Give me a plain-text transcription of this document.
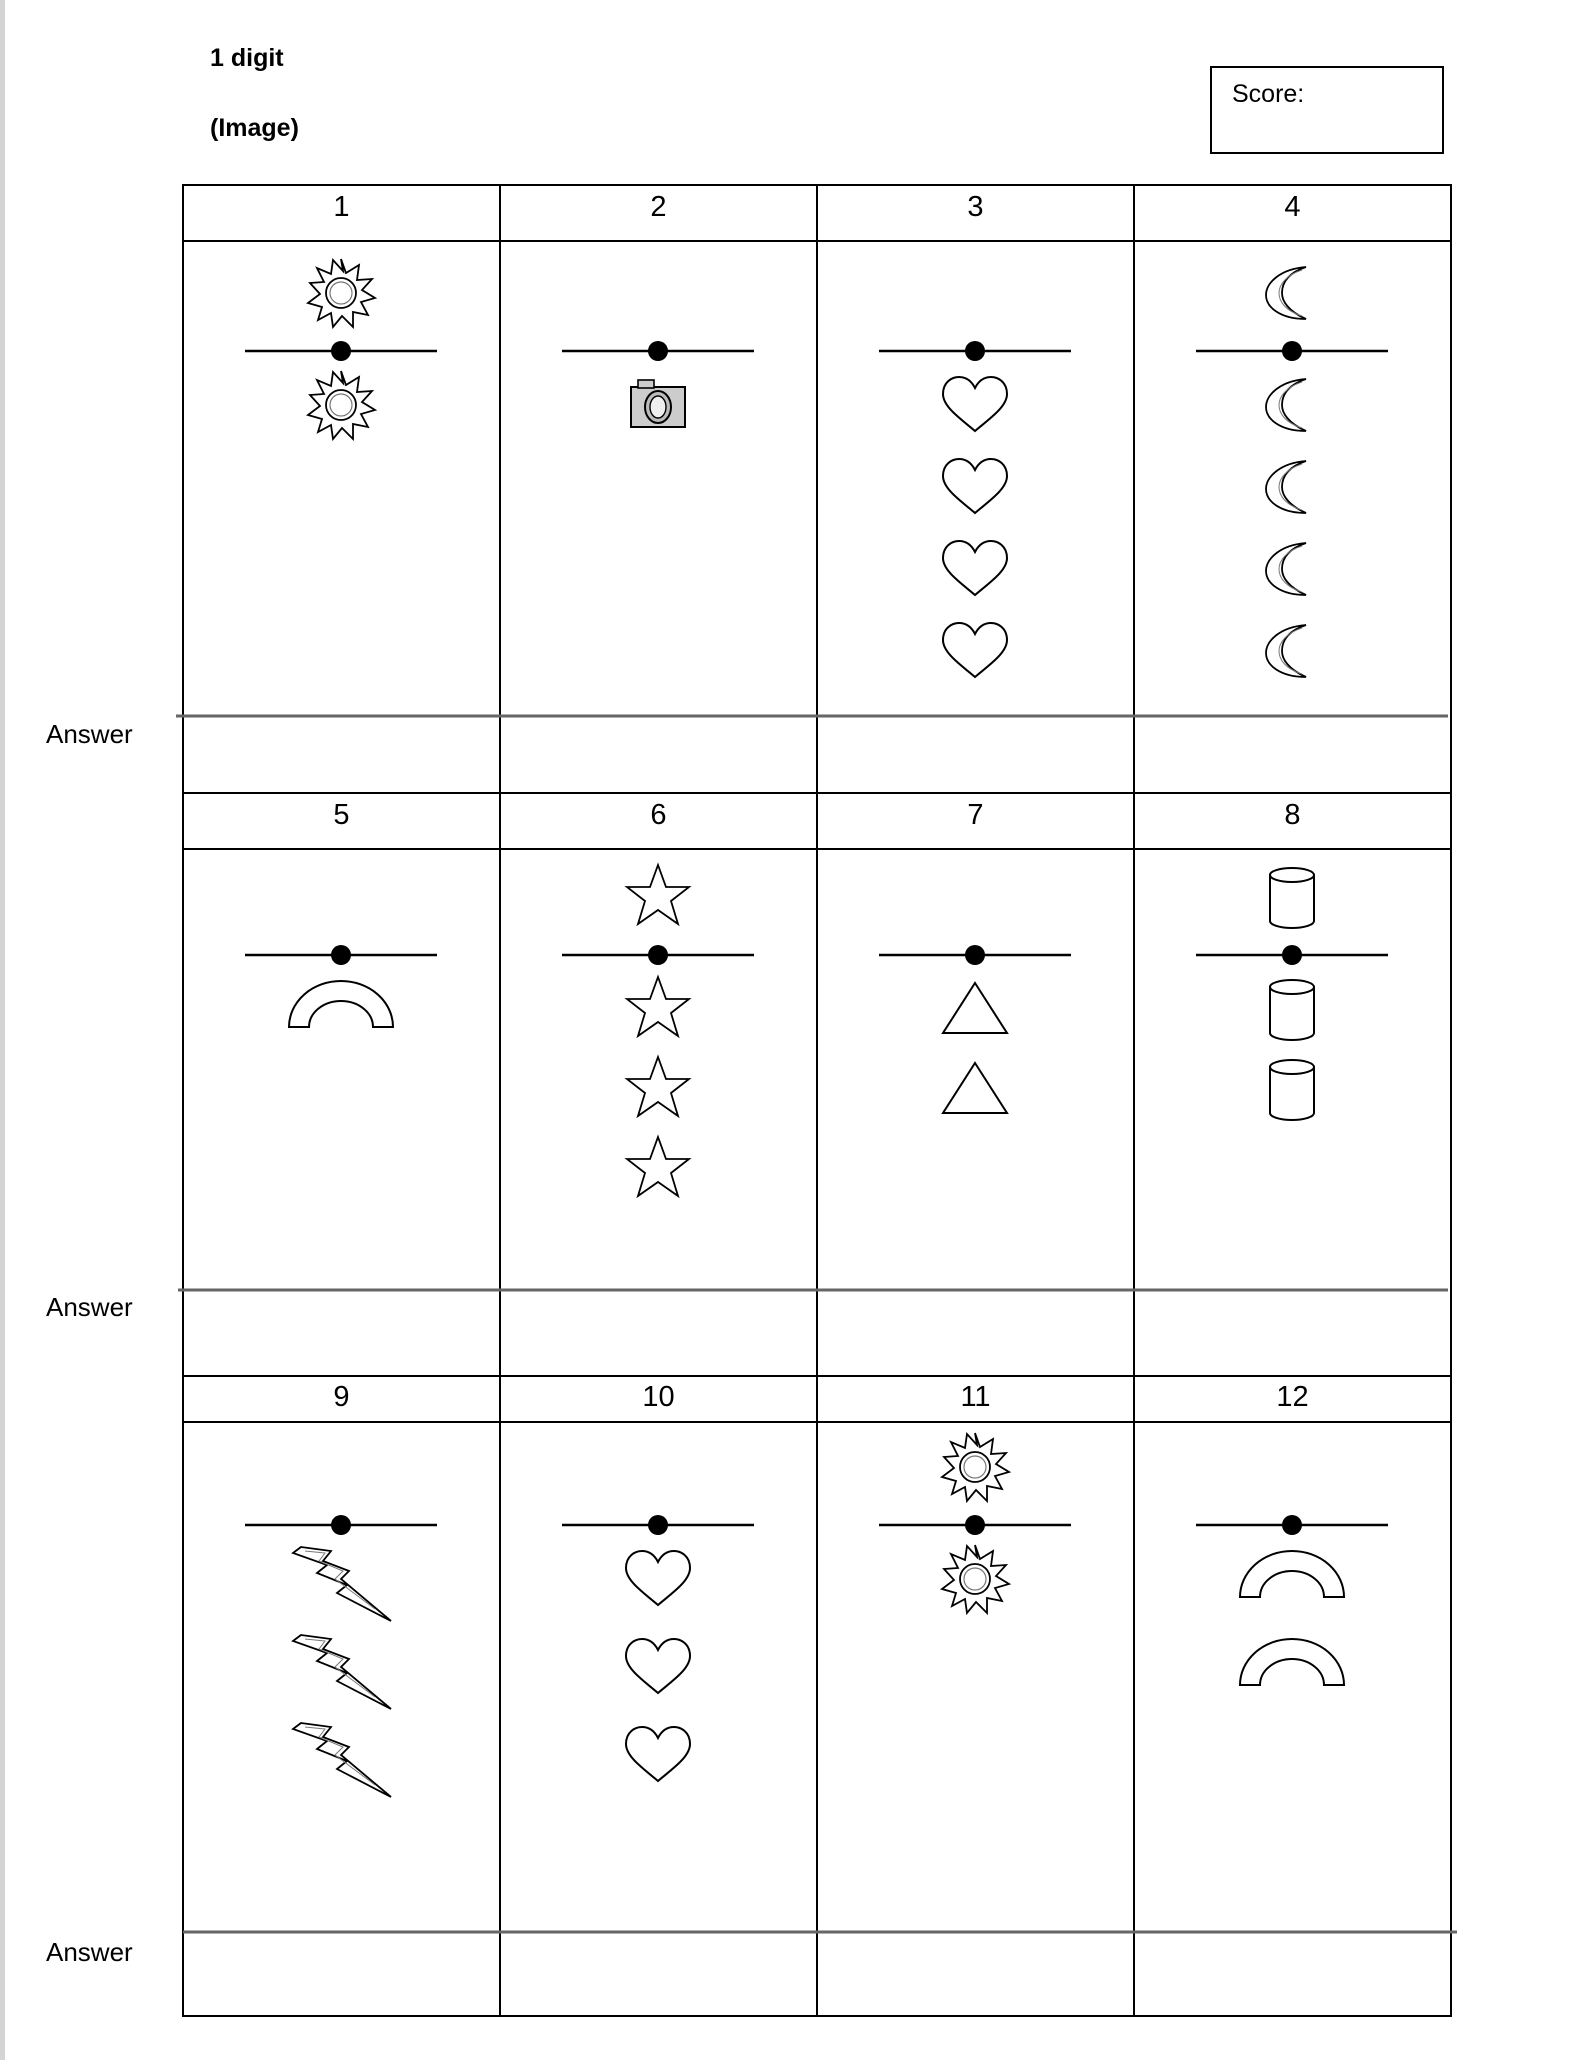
1 digit
(Image)
Score:
Answer
Answer
Answer
1	2	3	4
5	6	7	8
9	10	11	12
